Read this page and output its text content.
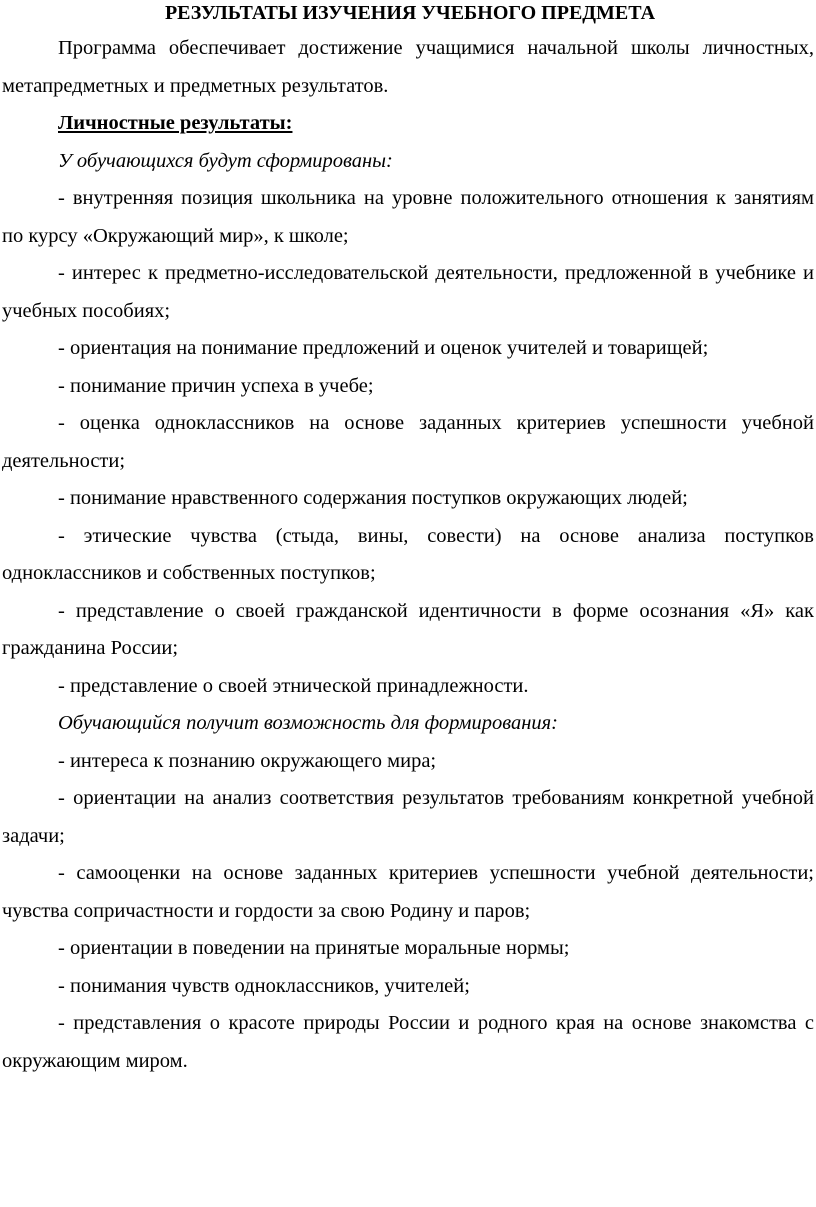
РЕЗУЛЬТАТЫ ИЗУЧЕНИЯ УЧЕБНОГО ПРЕДМЕТА

Программа обеспечивает достижение учащимися начальной школы личностных, метапредметных и предметных результатов.

Личностные результаты:

У обучающихся будут сформированы:

- внутренняя позиция школьника на уровне положительного отношения к занятиям по курсу «Окружающий мир», к школе;

- интерес к предметно-исследовательской деятельности, предложенной в учебнике и учебных пособиях;

- ориентация на понимание предложений и оценок учителей и товарищей;

- понимание причин успеха в учебе;

- оценка одноклассников на основе заданных критериев успешности учебной деятельности;

- понимание нравственного содержания поступков окружающих людей;

- этические чувства (стыда, вины, совести) на основе анализа поступков одноклассников и собственных поступков;

- представление о своей гражданской идентичности в форме осознания «Я» как гражданина России;

- представление о своей этнической принадлежности.

Обучающийся получит возможность для формирования:

- интереса к познанию окружающего мира;

- ориентации на анализ соответствия результатов требованиям конкретной учебной задачи;

- самооценки на основе заданных критериев успешности учебной деятельности; чувства сопричастности и гордости за свою Родину и паров;

- ориентации в поведении на принятые моральные нормы;

- понимания чувств одноклассников, учителей;

- представления о красоте природы России и родного края на основе знакомства с окружающим миром.
